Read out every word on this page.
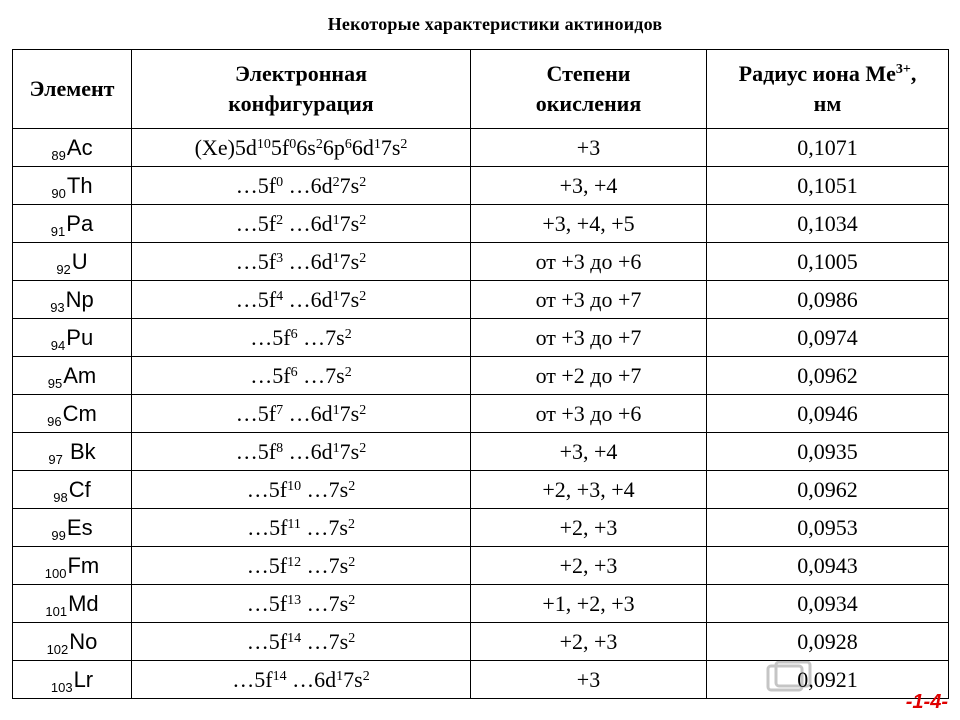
Некоторые характеристики актиноидов
Элемент	Электронная конфигурация	Степени окисления	Радиус иона $Me^{3+}$, нм

$_{89}$Ac	$(Xe)5d^{10}5f^06s^26p^66d^17s^2$	+3	0,1071
$_{90}$Th	$\dots 5f^0$ $\dots 6d^27s^2$	+3, +4	0,1051
$_{91}$Pa	$\dots 5f^2$ $\dots 6d^17s^2$	+3, +4, +5	0,1034
$_{92}$U	$\dots 5f^3$ $\dots 6d^17s^2$	от +3 до +6	0,1005
$_{93}$Np	$\dots 5f^4$ $\dots 6d^17s^2$	от +3 до +7	0,0986
$_{94}$Pu	$\dots 5f^6$ $\dots 7s^2$	от +3 до +7	0,0974
$_{95}$Am	$\dots 5f^6$ $\dots 7s^2$	от +2 до +7	0,0962
$_{96}$Cm	$\dots 5f^7$ $\dots 6d^17s^2$	от +3 до +6	0,0946
$_{97}$ Bk	$\dots 5f^8$ $\dots 6d^17s^2$	+3, +4	0,0935
$_{98}$Cf	$\dots 5f^{10}$ $\dots 7s^2$	+2, +3, +4	0,0962
$_{99}$Es	$\dots 5f^{11}$ $\dots 7s^2$	+2, +3	0,0953
$_{100}$Fm	$\dots 5f^{12}$ $\dots 7s^2$	+2, +3	0,0943
$_{101}$Md	$\dots 5f^{13}$ $\dots 7s^2$	+1, +2, +3	0,0934
$_{102}$No	$\dots 5f^{14}$ $\dots 7s^2$	+2, +3	0,0928
$_{103}$Lr	$\dots 5f^{14}$ $\dots 6d^17s^2$	+3	0,0921
-1-4-
